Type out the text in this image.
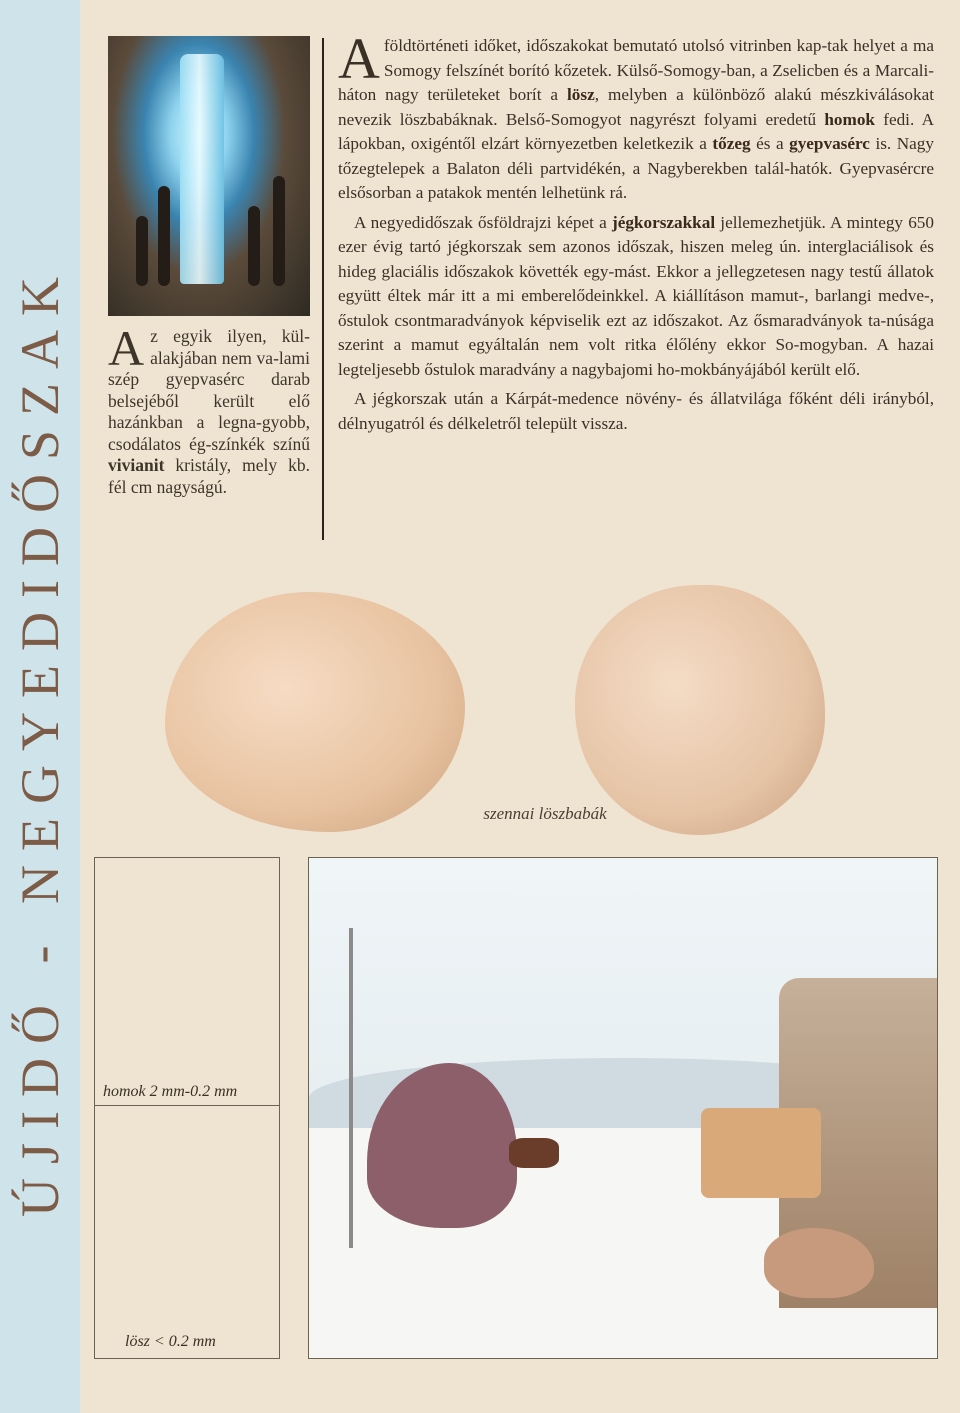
ÚJIDŐ - NEGYEDIDŐSZAK A z egyik ilyen, kül-alakjában nem va-lami szép gyepvasérc darab belsejéből került elő hazánkban a legna-gyobb, csodálatos ég-színkék színű vivianit kristály, mely kb. fél cm nagyságú.

Aföldtörténeti időket, időszakokat bemutató utolsó vitrinben kap-tak helyet a ma Somogy felszínét borító kőzetek. Külső-Somogy-ban, a Zselicben és a Marcali-háton nagy területeket borít a lösz, melyben a különböző alakú mészkiválásokat nevezik löszbabáknak. Belső-Somogyot nagyrészt folyami eredetű homok fedi. A lápokban, oxigéntől elzárt környezetben keletkezik a tőzeg és a gyepvasérc is. Nagy tőzegtelepek a Balaton déli partvidékén, a Nagyberekben talál-hatók. Gyepvasércre elsősorban a patakok mentén lelhetünk rá.

A negyedidőszak ősföldrajzi képet a jégkorszakkal jellemezhetjük. A mintegy 650 ezer évig tartó jégkorszak sem azonos időszak, hiszen meleg ún. interglaciálisok és hideg glaciális időszakok követték egy-mást. Ekkor a jellegzetesen nagy testű állatok együtt éltek már itt a mi emberelődeinkkel. A kiállításon mamut-, barlangi medve-, őstulok csontmaradványok képviselik ezt az időszakot. Az ősmaradványok ta-núsága szerint a mamut egyáltalán nem volt ritka élőlény ekkor So-mogyban. A hazai legteljesebb őstulok maradvány a nagybajomi ho-mokbányájából került elő.

A jégkorszak után a Kárpát-medence növény- és állatvilága főként déli irányból, délnyugatról és délkeletről települt vissza.

szennai löszbabák
homok 2 mm-0.2 mm
lösz < 0.2 mm
